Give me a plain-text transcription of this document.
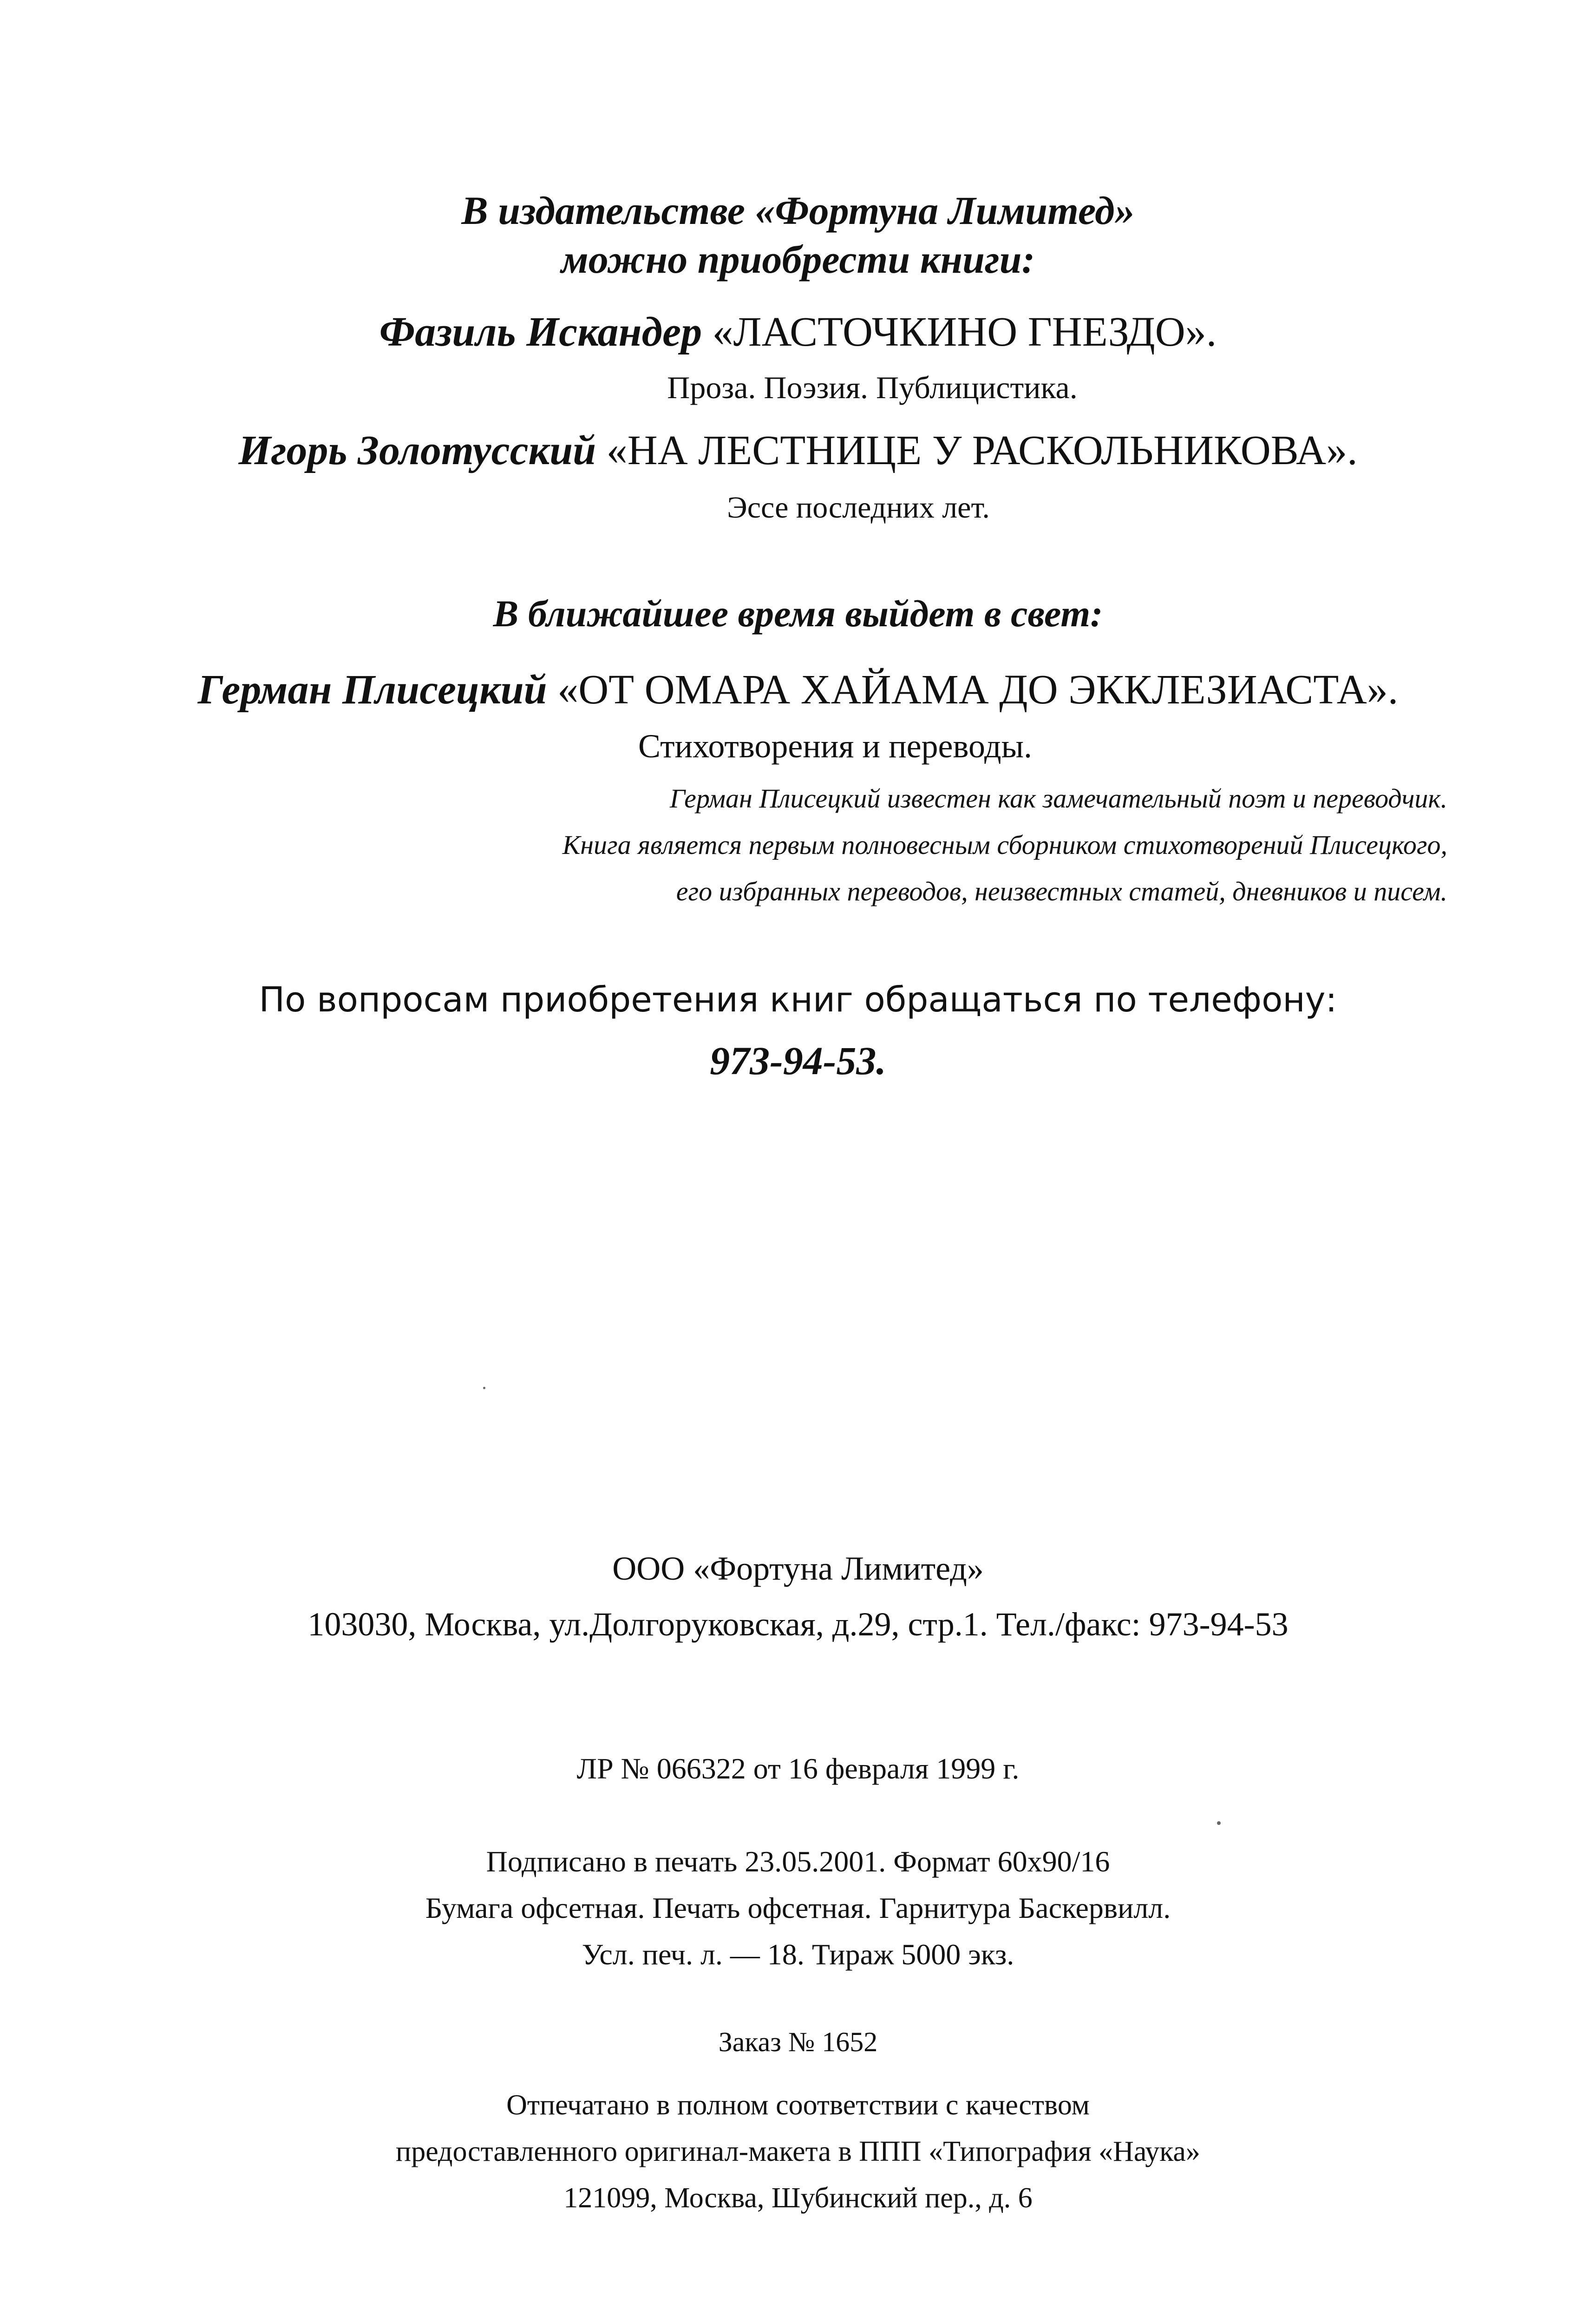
В издательстве «Фортуна Лимитед»
можно приобрести книги:
Фазиль Искандер «ЛАСТОЧКИНО ГНЕЗДО».
Проза. Поэзия. Публицистика.
Игорь Золотусский «НА ЛЕСТНИЦЕ У РАСКОЛЬНИКОВА».
Эссе последних лет.
В ближайшее время выйдет в свет:
Герман Плисецкий «ОТ ОМАРА ХАЙАМА ДО ЭККЛЕЗИАСТА».
Стихотворения и переводы.
Герман Плисецкий известен как замечательный поэт и переводчик.
Книга является первым полновесным сборником стихотворений Плисецкого,
его избранных переводов, неизвестных статей, дневников и писем.
По вопросам приобретения книг обращаться по телефону:
973-94-53.
ООО «Фортуна Лимитед»
103030, Москва, ул.Долгоруковская, д.29, стр.1. Тел./факс: 973-94-53
ЛР № 066322 от 16 февраля 1999 г.
Подписано в печать 23.05.2001. Формат 60х90/16
Бумага офсетная. Печать офсетная. Гарнитура Баскервилл.
Усл. печ. л. — 18. Тираж 5000 экз.
Заказ № 1652
Отпечатано в полном соответствии с качеством
предоставленного оригинал-макета в ППП «Типография «Наука»
121099, Москва, Шубинский пер., д. 6
